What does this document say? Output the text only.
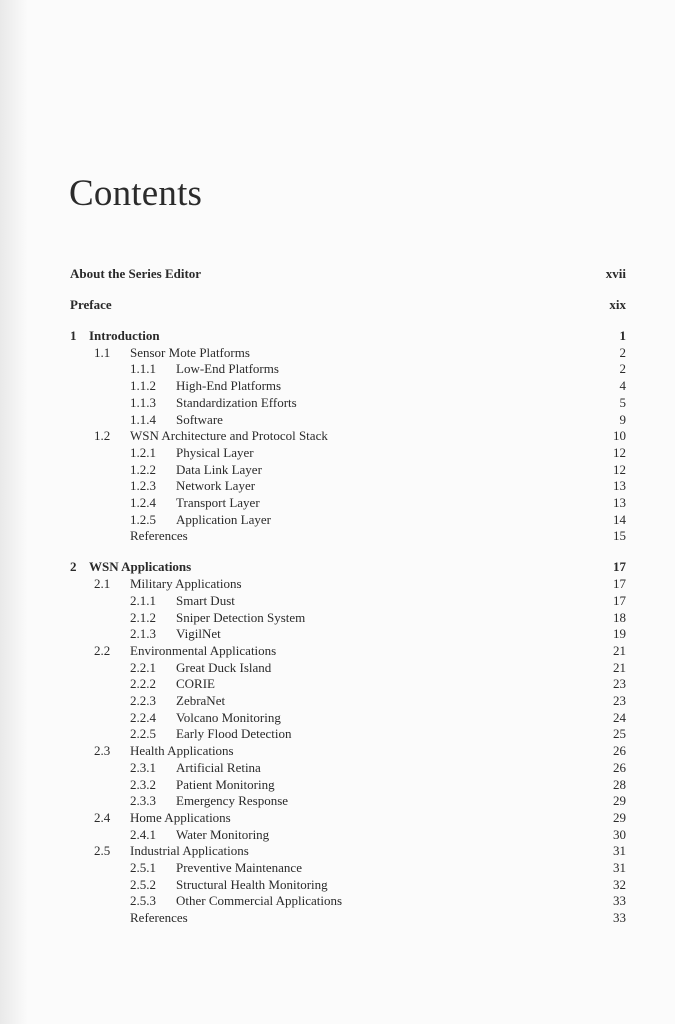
Contents
About the Series Editor	xvii
Preface	xix
1 Introduction	1
1.1 Sensor Mote Platforms	2
1.1.1 Low-End Platforms	2
1.1.2 High-End Platforms	4
1.1.3 Standardization Efforts	5
1.1.4 Software	9
1.2 WSN Architecture and Protocol Stack	10
1.2.1 Physical Layer	12
1.2.2 Data Link Layer	12
1.2.3 Network Layer	13
1.2.4 Transport Layer	13
1.2.5 Application Layer	14
References	15
2 WSN Applications	17
2.1 Military Applications	17
2.1.1 Smart Dust	17
2.1.2 Sniper Detection System	18
2.1.3 VigilNet	19
2.2 Environmental Applications	21
2.2.1 Great Duck Island	21
2.2.2 CORIE	23
2.2.3 ZebraNet	23
2.2.4 Volcano Monitoring	24
2.2.5 Early Flood Detection	25
2.3 Health Applications	26
2.3.1 Artificial Retina	26
2.3.2 Patient Monitoring	28
2.3.3 Emergency Response	29
2.4 Home Applications	29
2.4.1 Water Monitoring	30
2.5 Industrial Applications	31
2.5.1 Preventive Maintenance	31
2.5.2 Structural Health Monitoring	32
2.5.3 Other Commercial Applications	33
References	33
